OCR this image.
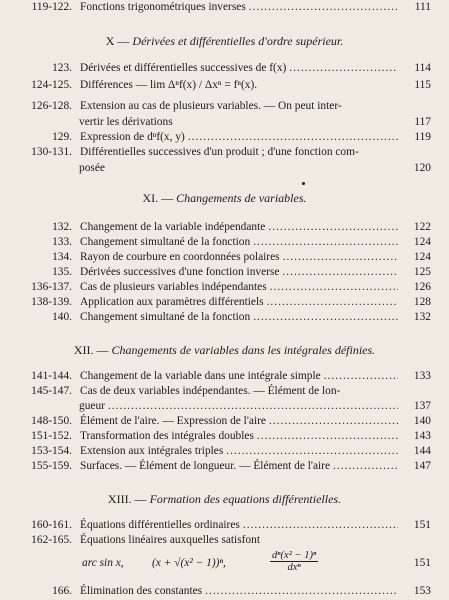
119-122. Fonctions trigonométriques inverses .....	111
X — Dérivées et différentielles d'ordre supérieur.
123. Dérivées et différentielles successives de f(x) .....	114
124-125. Différences — lim Δⁿf(x) / Δxⁿ = fⁿ(x).	115
126-128. Extension au cas de plusieurs variables. — On peut inter-
vertir les dérivations	117
129. Expression de dⁿf(x, y) .....	119
130-131. Différentielles successives d'un produit ; d'une fonction com-
posée	120
XI. — Changements de variables.
132. Changement de la variable indépendante .....	122
133. Changement simultané de la fonction .....	124
134. Rayon de courbure en coordonnées polaires .....	124
135. Dérivées successives d'une fonction inverse .....	125
136-137. Cas de plusieurs variables indépendantes .....	126
138-139. Application aux paramètres différentiels .....	128
140. Changement simultané de la fonction .....	132
XII. — Changements de variables dans les intégrales définies.
141-144. Changement de la variable dans une intégrale simple .....	133
145-147. Cas de deux variables indépendantes. — Élément de lon-
gueur .....	137
148-150. Élément de l'aire. — Expression de l'aire .....	140
151-152. Transformation des intégrales doubles .....	143
153-154. Extension aux intégrales triples .....	144
155-159. Surfaces. — Élément de longueur. — Élément de l'aire .....	147
XIII. — Formation des equations différentielles.
160-161. Équations différentielles ordinaires .....	151
162-165. Équations linéaires auxquelles satisfont
arc sin x, (x + √(x² − 1))ⁿ,
dⁿ(x² − 1)ⁿ
dxⁿ	151
166. Élimination des constantes .....	153
